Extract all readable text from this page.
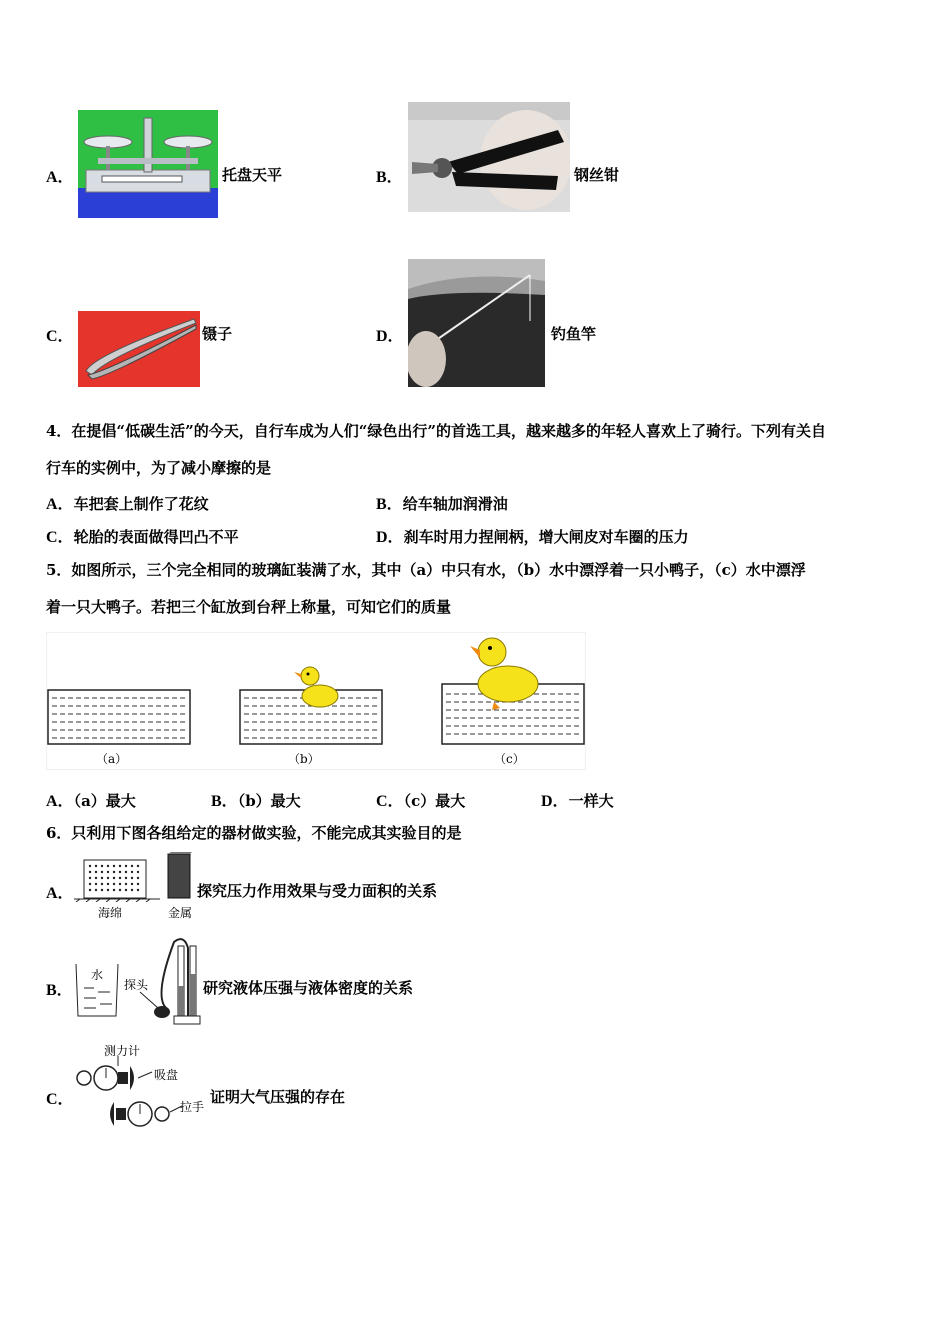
A．	托盘天平	B．	钢丝钳
C．	镊子	D．	钓鱼竿
4．在提倡“低碳生活”的今天，自行车成为人们“绿色出行”的首选工具，越来越多的年轻人喜欢上了骑行。下列有关自
行车的实例中，为了减小摩擦的是
A．车把套上制作了花纹	B．给车轴加润滑油
C．轮胎的表面做得凹凸不平	D．刹车时用力捏闸柄，增大闸皮对车圈的压力
5．如图所示，三个完全相同的玻璃缸装满了水，其中（a）中只有水，（b）水中漂浮着一只小鸭子，（c）水中漂浮
着一只大鸭子。若把三个缸放到台秤上称量，可知它们的质量
（a）	（b）	（c）
A．（a）最大	B．（b）最大	C．（c）最大	D．一样大
6．只利用下图各组给定的器材做实验，不能完成其实验目的是
A．
海绵	金属
探究压力作用效果与受力面积的关系
B．
水
探头	研究液体压强与液体密度的关系
C．
测力计
吸盘
拉手
证明大气压强的存在
